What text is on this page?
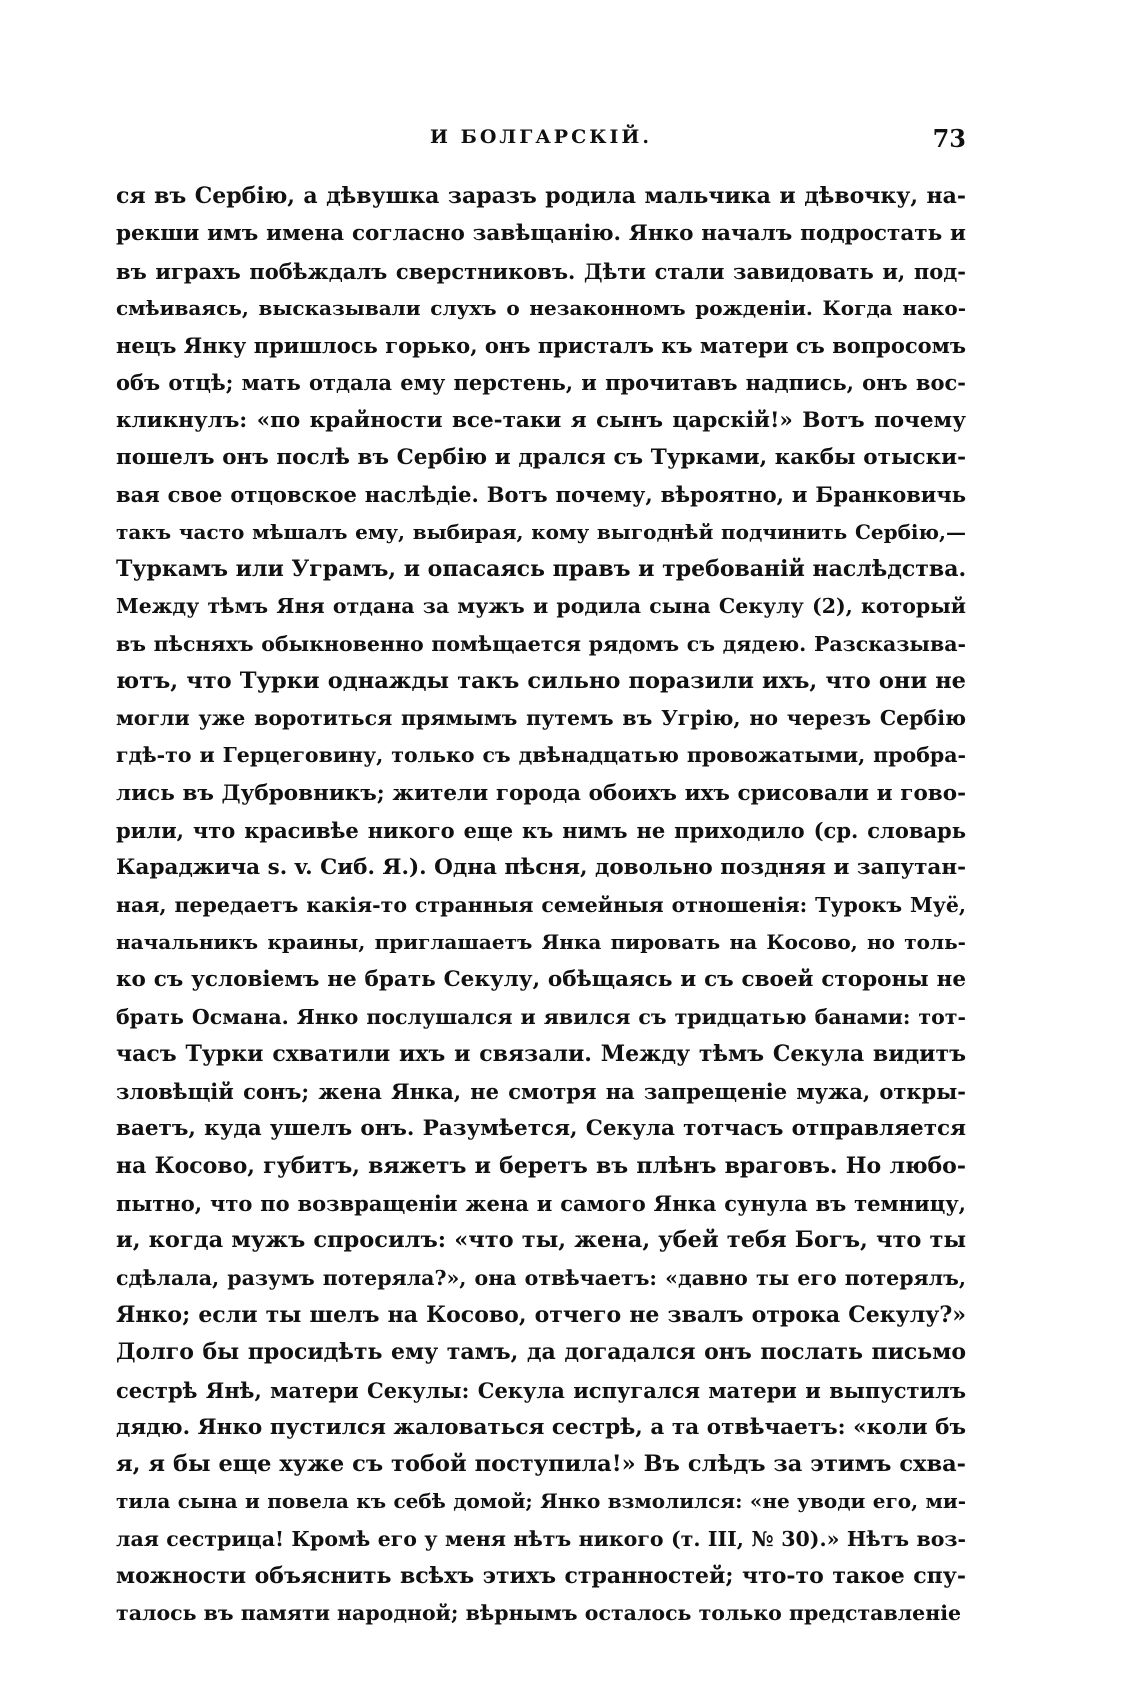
И БОЛГАРСКІЙ.	73
ся въ Сербію, а дѣвушка заразъ родила мальчика и дѣвочку, на-
рекши имъ имена согласно завѣщанію. Янко началъ подростать и
въ играхъ побѣждалъ сверстниковъ. Дѣти стали завидовать и, под-
смѣиваясь, высказывали слухъ о незаконномъ рожденіи. Когда нако-
нецъ Янку пришлось горько, онъ присталъ къ матери съ вопросомъ
объ отцѣ; мать отдала ему перстень, и прочитавъ надпись, онъ вос-
кликнулъ: «по крайности все-таки я сынъ царскій!» Вотъ почему
пошелъ онъ послѣ въ Сербію и дрался съ Турками, какбы отыски-
вая свое отцовское наслѣдіе. Вотъ почему, вѣроятно, и Бранковичь
такъ часто мѣшалъ ему, выбирая, кому выгоднѣй подчинить Сербію,—
Туркамъ или Уграмъ, и опасаясь правъ и требованій наслѣдства.
Между тѣмъ Яня отдана за мужъ и родила сына Секулу (2), который
въ пѣсняхъ обыкновенно помѣщается рядомъ съ дядею. Разсказыва-
ютъ, что Турки однажды такъ сильно поразили ихъ, что они не
могли уже воротиться прямымъ путемъ въ Угрію, но черезъ Сербію
гдѣ-то и Герцеговину, только съ двѣнадцатью провожатыми, пробра-
лись въ Дубровникъ; жители города обоихъ ихъ срисовали и гово-
рили, что красивѣе никого еще къ нимъ не приходило (ср. словарь
Караджича s. v. Сиб. Я.). Одна пѣсня, довольно поздняя и запутан-
ная, передаетъ какія-то странныя семейныя отношенія: Турокъ Муё,
начальникъ краины, приглашаетъ Янка пировать на Косово, но толь-
ко съ условіемъ не брать Секулу, обѣщаясь и съ своей стороны не
брать Османа. Янко послушался и явился съ тридцатью банами: тот-
часъ Турки схватили ихъ и связали. Между тѣмъ Секула видитъ
зловѣщій сонъ; жена Янка, не смотря на запрещеніе мужа, откры-
ваетъ, куда ушелъ онъ. Разумѣется, Секула тотчасъ отправляется
на Косово, губитъ, вяжетъ и беретъ въ плѣнъ враговъ. Но любо-
пытно, что по возвращеніи жена и самого Янка сунула въ темницу,
и, когда мужъ спросилъ: «что ты, жена, убей тебя Богъ, что ты
сдѣлала, разумъ потеряла?», она отвѣчаетъ: «давно ты его потерялъ,
Янко; если ты шелъ на Косово, отчего не звалъ отрока Секулу?»
Долго бы просидѣть ему тамъ, да догадался онъ послать письмо
сестрѣ Янѣ, матери Секулы: Секула испугался матери и выпустилъ
дядю. Янко пустился жаловаться сестрѣ, а та отвѣчаетъ: «коли бъ
я, я бы еще хуже съ тобой поступила!» Въ слѣдъ за этимъ схва-
тила сына и повела къ себѣ домой; Янко взмолился: «не уводи его, ми-
лая сестрица! Кромѣ его у меня нѣтъ никого (т. III, № 30).» Нѣтъ воз-
можности объяснить всѣхъ этихъ странностей; что-то такое спу-
талось въ памяти народной; вѣрнымъ осталось только представленіе
